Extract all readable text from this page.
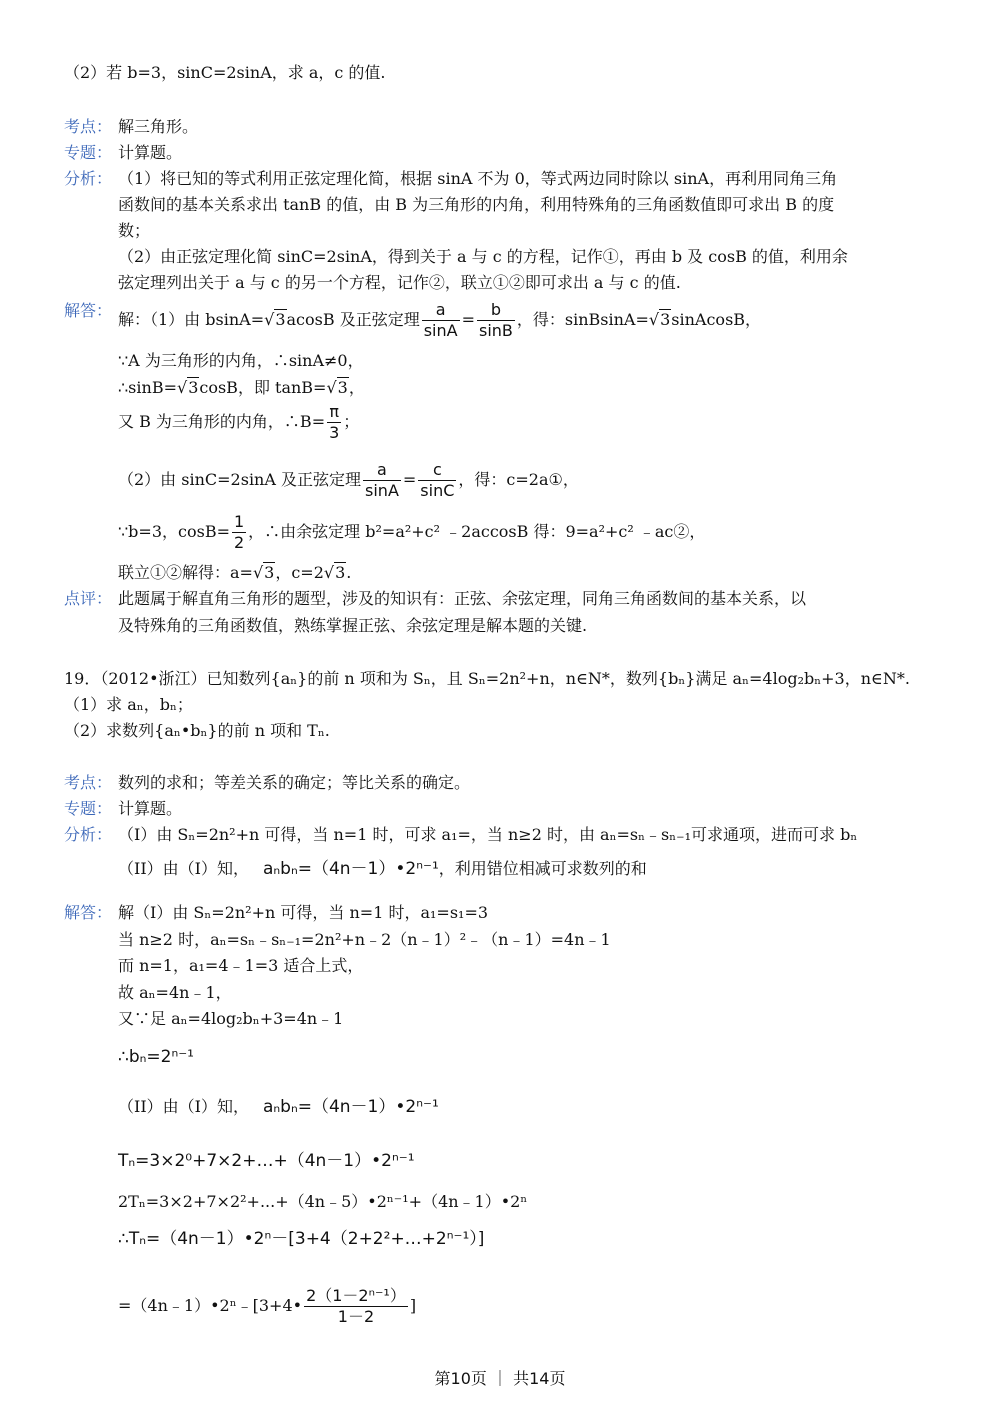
（2）若 b=3，sinC=2sinA，求 a，c 的值.
考点： 解三角形。
专题： 计算题。
分析： （1）将已知的等式利用正弦定理化简，根据 sinA 不为 0，等式两边同时除以 sinA，再利用同角三角
函数间的基本关系求出 tanB 的值，由 B 为三角形的内角，利用特殊角的三角函数值即可求出 B 的度
数；
（2）由正弦定理化简 sinC=2sinA，得到关于 a 与 c 的方程，记作①，再由 b 及 cosB 的值，利用余
弦定理列出关于 a 与 c 的另一个方程，记作②，联立①②即可求出 a 与 c 的值.
解答： 解：（1）由 bsinA=√3acosB 及正弦定理 $\frac{a}{\sin A} = \frac{b}{\sin B}$ ，得：sinBsinA=√3sinAcosB，
∵A 为三角形的内角，∴sinA≠0，
∴sinB=√3cosB，即 tanB=√3，
又 B 为三角形的内角，∴B= $\frac{\pi}{3}$ ；
（2）由 sinC=2sinA 及正弦定理 $\frac{a}{\sin A} = \frac{c}{\sin C}$ ，得：c=2a①，
∵b=3，$\cos B= \frac{1}{2}$ ，∴由余弦定理 b²=a²+c² ﹣2accosB 得：9=a²+c² ﹣ac②，
联立①②解得：a=√3，c=2√3.
点评： 此题属于解直角三角形的题型，涉及的知识有：正弦、余弦定理，同角三角函数间的基本关系，以
及特殊角的三角函数值，熟练掌握正弦、余弦定理是解本题的关键.
19．（2012•浙江）已知数列{aₙ}的前 n 项和为 Sₙ，且 Sₙ=2n²+n，n∈N*，数列{bₙ}满足 aₙ=4log₂bₙ+3，n∈N*.
（1）求 aₙ，bₙ；
（2）求数列{aₙ•bₙ}的前 n 项和 Tₙ.
考点： 数列的求和；等差关系的确定；等比关系的确定。
专题： 计算题。
分析： （I）由 Sₙ=2n²+n 可得，当 n=1 时，可求 a₁=，当 n≥2 时，由 aₙ=sₙ﹣sₙ₋₁可求通项，进而可求 bₙ
（II）由（I）知， aₙbₙ=（4n－1）•2ⁿ⁻¹，利用错位相减可求数列的和
解答： 解（I）由 Sₙ=2n²+n 可得，当 n=1 时，a₁=s₁=3
当 n≥2 时，aₙ=sₙ﹣sₙ₋₁=2n²+n﹣2（n﹣1）²﹣（n﹣1）=4n﹣1
而 n=1，a₁=4﹣1=3 适合上式，
故 aₙ=4n﹣1，
又∵足 aₙ=4log₂bₙ+3=4n﹣1
∴bₙ=2ⁿ⁻¹
（II）由（I）知， aₙbₙ=（4n－1）•2ⁿ⁻¹
Tₙ=3×2⁰+7×2+…+（4n－1）•2ⁿ⁻¹
2Tₙ=3×2+7×2²+...+（4n﹣5）•2ⁿ⁻¹+（4n﹣1）•2ⁿ
∴Tₙ=（4n－1）•2ⁿ－[3+4（2+2²+…+2ⁿ⁻¹）]
=（4n﹣1）•2ⁿ﹣[3+4• $\frac{\text{2（1－2ⁿ⁻¹）}}{1-2}$ ]
第10页 ｜ 共14页
